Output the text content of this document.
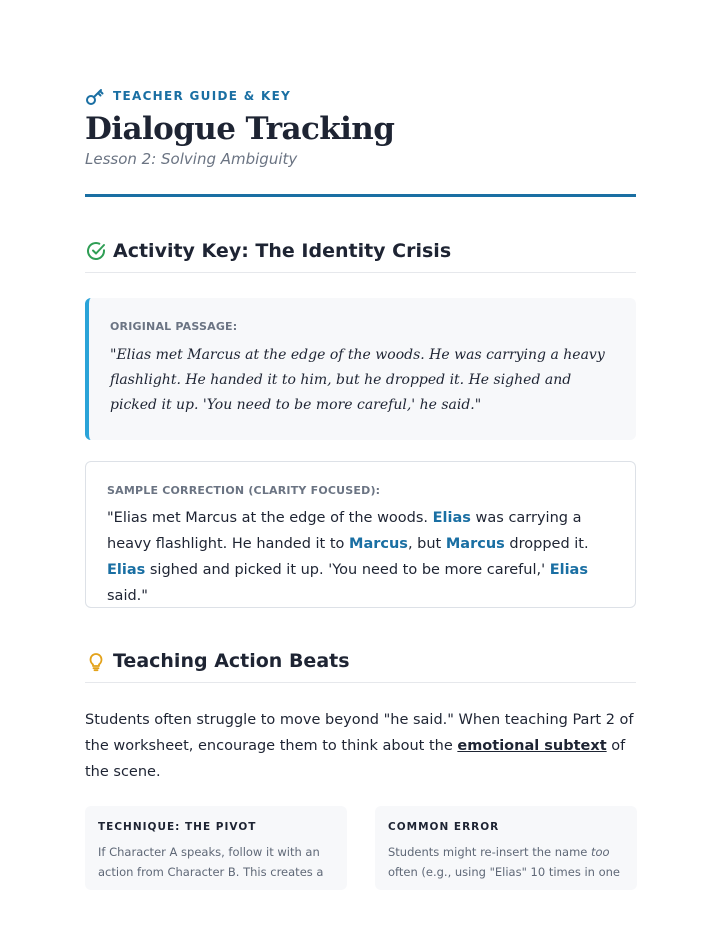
TEACHER GUIDE & KEY
Dialogue Tracking
Lesson 2: Solving Ambiguity
Activity Key: The Identity Crisis
ORIGINAL PASSAGE:

"Elias met Marcus at the edge of the woods. He was carrying a heavy flashlight. He handed it to him, but he dropped it. He sighed and picked it up. 'You need to be more careful,' he said."

SAMPLE CORRECTION (CLARITY FOCUSED):

"Elias met Marcus at the edge of the woods. Elias was carrying a heavy flashlight. He handed it to Marcus, but Marcus dropped it. Elias sighed and picked it up. 'You need to be more careful,' Elias said."

Teaching Action Beats

Students often struggle to move beyond "he said." When teaching Part 2 of the worksheet, encourage them to think about the emotional subtext of the scene.

TECHNIQUE: THE PIVOT

If Character A speaks, follow it with an action from Character B. This creates a

COMMON ERROR

Students might re-insert the name too often (e.g., using "Elias" 10 times in one
